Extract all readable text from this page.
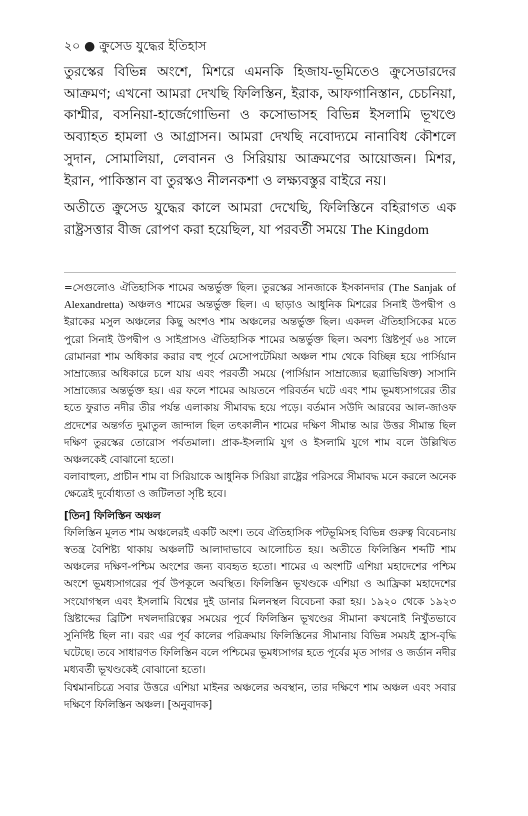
২০ ● ক্রুসেড যুদ্ধের ইতিহাস

তুরস্কের বিভিন্ন অংশে, মিশরে এমনকি হিজায-ভূমিতেও ক্রুসেডারদের আক্রমণ; এখনো আমরা দেখছি ফিলিস্তিন, ইরাক, আফগানিস্তান, চেচনিয়া, কাশ্মীর, বসনিয়া-হার্জেগোভিনা ও কসোভাসহ বিভিন্ন ইসলামি ভূখণ্ডে অব্যাহত হামলা ও আগ্রাসন। আমরা দেখছি নবোদ্যমে নানাবিধ কৌশলে সুদান, সোমালিয়া, লেবানন ও সিরিয়ায় আক্রমণের আয়োজন। মিশর, ইরান, পাকিস্তান বা তুরস্কও নীলনকশা ও লক্ষ্যবস্তুর বাইরে নয়।

অতীতে ক্রুসেড যুদ্ধের কালে আমরা দেখেছি, ফিলিস্তিনে বহিরাগত এক রাষ্ট্রসত্তার বীজ রোপণ করা হয়েছিল, যা পরবর্তী সময়ে The Kingdom

=সেগুলোও ঐতিহাসিক শামের অন্তর্ভুক্ত ছিল। তুরস্কের সানজাকে ইসকানদার (The Sanjak of Alexandretta) অঞ্চলও শামের অন্তর্ভুক্ত ছিল। এ ছাড়াও আধুনিক মিশরের সিনাই উপদ্বীপ ও ইরাকের মসুল অঞ্চলের কিছু অংশও শাম অঞ্চলের অন্তর্ভুক্ত ছিল। একদল ঐতিহাসিকের মতে পুরো সিনাই উপদ্বীপ ও সাইপ্রাসও ঐতিহাসিক শামের অন্তর্ভুক্ত ছিল। অবশ্য খ্রিষ্টপূর্ব ৬৪ সালে রোমানরা শাম অধিকার করার বহু পূর্বে মেসোপটেমিয়া অঞ্চল শাম থেকে বিচ্ছিন্ন হয়ে পার্সিয়ান সাম্রাজ্যের অধিকারে চলে যায় এবং পরবর্তী সময়ে (পার্সিয়ান সাম্রাজ্যের ছত্রাভিষিক্ত) সাসানি সাম্রাজ্যের অন্তর্ভুক্ত হয়। এর ফলে শামের আয়তনে পরিবর্তন ঘটে এবং শাম ভূমধ্যসাগরের তীর হতে ফুরাত নদীর তীর পর্যন্ত এলাকায় সীমাবদ্ধ হয়ে পড়ে। বর্তমান সউদি আরবের আল-জাওফ প্রদেশের অন্তর্গত দুমাতুল জান্দাল ছিল তৎকালীন শামের দক্ষিণ সীমান্ত আর উত্তর সীমান্ত ছিল দক্ষিণ তুরস্কের তোরোস পর্বতমালা। প্রাক-ইসলামি যুগ ও ইসলামি যুগে শাম বলে উল্লিখিত অঞ্চলকেই বোঝানো হতো।

বলাবাহুল্য, প্রাচীন শাম বা সিরিয়াকে আধুনিক সিরিয়া রাষ্ট্রের পরিসরে সীমাবদ্ধ মনে করলে অনেক ক্ষেত্রেই দুর্বোধ্যতা ও জটিলতা সৃষ্টি হবে।

[তিন] ফিলিস্তিন অঞ্চল

ফিলিস্তিন মূলত শাম অঞ্চলেরই একটি অংশ। তবে ঐতিহাসিক পটভূমিসহ বিভিন্ন গুরুত্ব বিবেচনায় স্বতন্ত্র বৈশিষ্ট্য থাকায় অঞ্চলটি আলাদাভাবে আলোচিত হয়। অতীতে ফিলিস্তিন শব্দটি শাম অঞ্চলের দক্ষিণ-পশ্চিম অংশের জন্য ব্যবহৃত হতো। শামের এ অংশটি এশিয়া মহাদেশের পশ্চিম অংশে ভূমধ্যসাগরের পূর্ব উপকূলে অবস্থিত। ফিলিস্তিন ভূখণ্ডকে এশিয়া ও আফ্রিকা মহাদেশের সংযোগস্থল এবং ইসলামি বিশ্বের দুই ডানার মিলনস্থল বিবেচনা করা হয়। ১৯২০ থেকে ১৯২৩ খ্রিষ্টাব্দের ব্রিটিশ দখলদারিত্বের সময়ের পূর্বে ফিলিস্তিন ভূখণ্ডের সীমানা কখনোই নিখুঁতভাবে সুনির্দিষ্ট ছিল না। বরং এর পূর্ব কালের পরিক্রমায় ফিলিস্তিনের সীমানায় বিভিন্ন সময়ই হ্রাস-বৃদ্ধি ঘটেছে। তবে সাধারণত ফিলিস্তিন বলে পশ্চিমের ভূমধ্যসাগর হতে পূর্বের মৃত সাগর ও জর্ডান নদীর মধ্যবর্তী ভূখণ্ডকেই বোঝানো হতো।

বিশ্বমানচিত্রে সবার উত্তরে এশিয়া মাইনর অঞ্চলের অবস্থান, তার দক্ষিণে শাম অঞ্চল এবং সবার দক্ষিণে ফিলিস্তিন অঞ্চল। [অনুবাদক]
